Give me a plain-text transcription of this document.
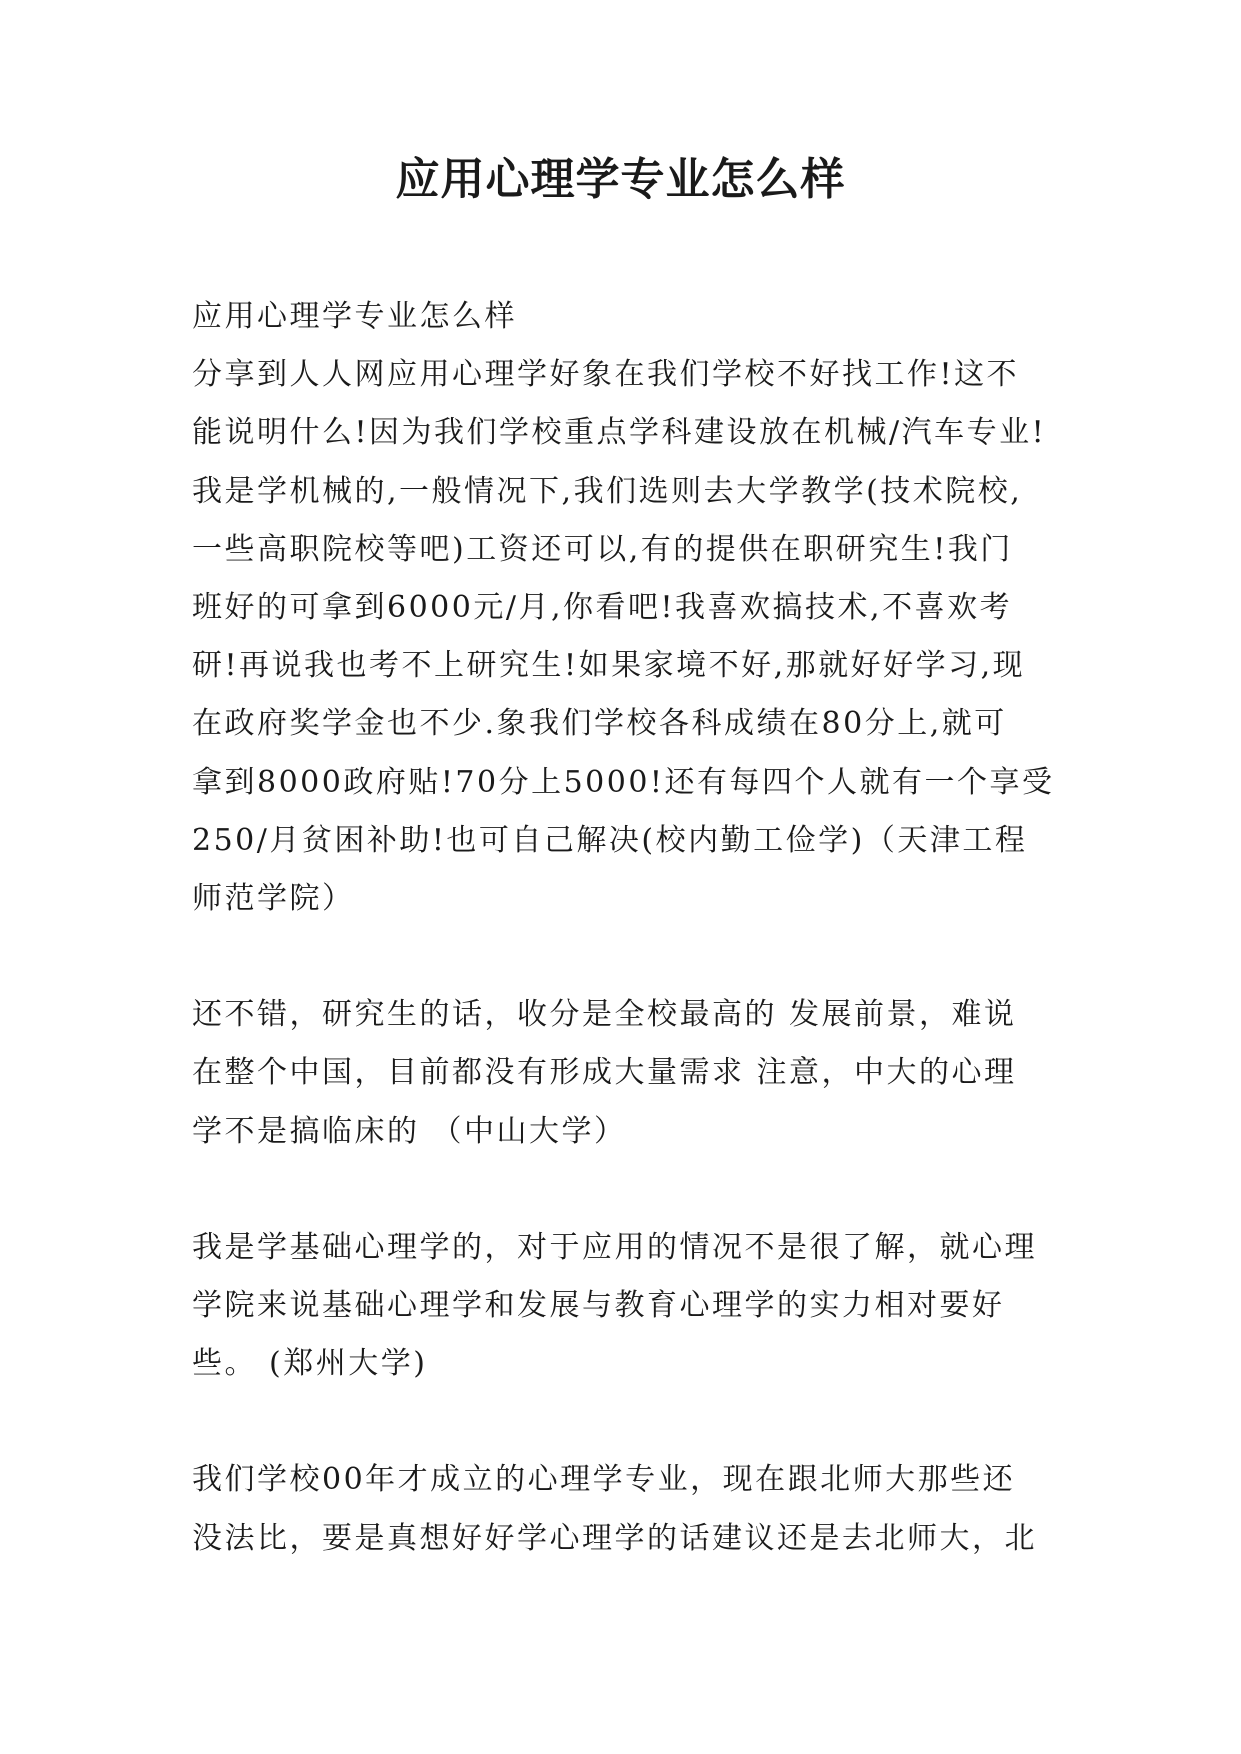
应用心理学专业怎么样

应用心理学专业怎么样

分享到人人网应用心理学好象在我们学校不好找工作!这不

能说明什么!因为我们学校重点学科建设放在机械/汽车专业!

我是学机械的,一般情况下,我们选则去大学教学(技术院校,

一些高职院校等吧)工资还可以,有的提供在职研究生!我门

班好的可拿到6000元/月,你看吧!我喜欢搞技术,不喜欢考

研!再说我也考不上研究生!如果家境不好,那就好好学习,现

在政府奖学金也不少.象我们学校各科成绩在80分上,就可

拿到8000政府贴!70分上5000!还有每四个人就有一个享受

250/月贫困补助!也可自己解决(校内勤工俭学)（天津工程

师范学院）

还不错，研究生的话，收分是全校最高的 发展前景，难说

在整个中国，目前都没有形成大量需求 注意，中大的心理

学不是搞临床的 （中山大学）

我是学基础心理学的，对于应用的情况不是很了解，就心理

学院来说基础心理学和发展与教育心理学的实力相对要好

些。 (郑州大学)

我们学校00年才成立的心理学专业，现在跟北师大那些还

没法比，要是真想好好学心理学的话建议还是去北师大，北
